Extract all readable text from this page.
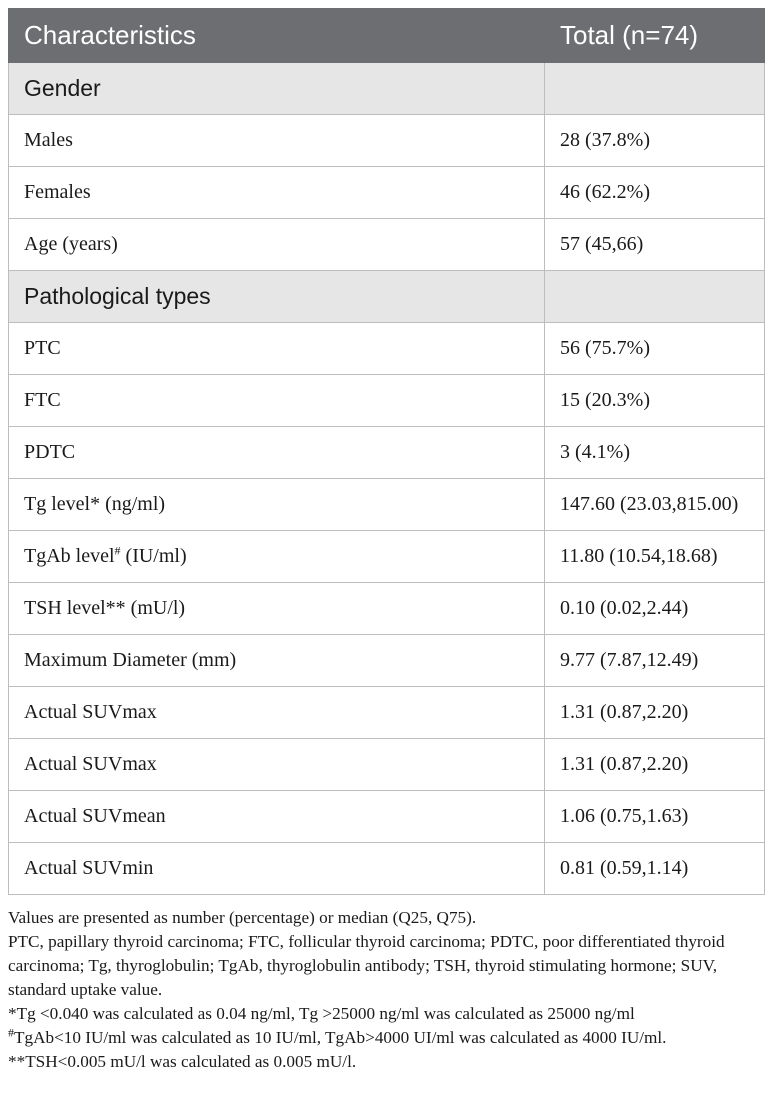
Characteristics	Total (n=74)
Gender	
Males	28 (37.8%)
Females	46 (62.2%)
Age (years)	57 (45,66)
Pathological types	
PTC	56 (75.7%)
FTC	15 (20.3%)
PDTC	3 (4.1%)
Tg level* (ng/ml)	147.60 (23.03,815.00)
TgAb level# (IU/ml)	11.80 (10.54,18.68)
TSH level** (mU/l)	0.10 (0.02,2.44)
Maximum Diameter (mm)	9.77 (7.87,12.49)
Actual SUVmax	1.31 (0.87,2.20)
Actual SUVmax	1.31 (0.87,2.20)
Actual SUVmean	1.06 (0.75,1.63)
Actual SUVmin	0.81 (0.59,1.14)

Values are presented as number (percentage) or median (Q25, Q75).

PTC, papillary thyroid carcinoma; FTC, follicular thyroid carcinoma; PDTC, poor differentiated thyroid carcinoma; Tg, thyroglobulin; TgAb, thyroglobulin antibody; TSH, thyroid stimulating hormone; SUV, standard uptake value.

*Tg <0.040 was calculated as 0.04 ng/ml, Tg >25000 ng/ml was calculated as 25000 ng/ml

#TgAb<10 IU/ml was calculated as 10 IU/ml, TgAb>4000 UI/ml was calculated as 4000 IU/ml.

**TSH<0.005 mU/l was calculated as 0.005 mU/l.
